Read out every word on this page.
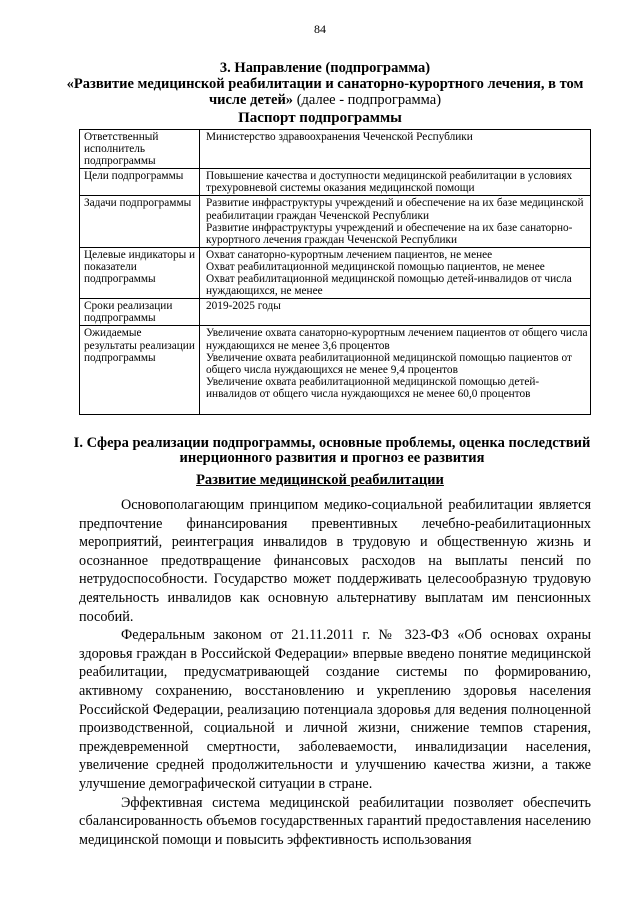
84
3. Направление (подпрограмма)
«Развитие медицинской реабилитации и санаторно-курортного лечения, в том числе детей» (далее - подпрограмма)
Паспорт подпрограммы
Ответственный исполнитель подпрограммы	Министерство здравоохранения Чеченской Республики

Цели подпрограммы	Повышение качества и доступности медицинской реабилитации в условиях трехуровневой системы оказания медицинской помощи

Задачи подпрограммы	Развитие инфраструктуры учреждений и обеспечение на их базе медицинской реабилитации граждан Чеченской Республики
Развитие инфраструктуры учреждений и обеспечение на их базе санаторно-курортного лечения граждан Чеченской Республики

Целевые индикаторы и показатели подпрограммы	Охват санаторно-курортным лечением пациентов, не менее
Охват реабилитационной медицинской помощью пациентов, не менее
Охват реабилитационной медицинской помощью детей-инвалидов от числа нуждающихся, не менее

Сроки реализации подпрограммы	2019-2025 годы

Ожидаемые результаты реализации подпрограммы	Увеличение охвата санаторно-курортным лечением пациентов от общего числа нуждающихся не менее 3,6 процентов
Увеличение охвата реабилитационной медицинской помощью пациентов от общего числа нуждающихся не менее 9,4 процентов
Увеличение охвата реабилитационной медицинской помощью детей-инвалидов от общего числа нуждающихся не менее 60,0 процентов
I. Сфера реализации подпрограммы, основные проблемы, оценка последствий инерционного развития и прогноз ее развития
Развитие медицинской реабилитации

Основополагающим принципом медико-социальной реабилитации является предпочтение финансирования превентивных лечебно-реабилитационных мероприятий, реинтеграция инвалидов в трудовую и общественную жизнь и осознанное предотвращение финансовых расходов на выплаты пенсий по нетрудоспособности. Государство может поддерживать целесообразную трудовую деятельность инвалидов как основную альтернативу выплатам им пенсионных пособий.

Федеральным законом от 21.11.2011 г. № 323-ФЗ «Об основах охраны здоровья граждан в Российской Федерации» впервые введено понятие медицинской реабилитации, предусматривающей создание системы по формированию, активному сохранению, восстановлению и укреплению здоровья населения Российской Федерации, реализацию потенциала здоровья для ведения полноценной производственной, социальной и личной жизни, снижение темпов старения, преждевременной смертности, заболеваемости, инвалидизации населения, увеличение средней продолжительности и улучшению качества жизни, а также улучшение демографической ситуации в стране.

Эффективная система медицинской реабилитации позволяет обеспечить сбалансированность объемов государственных гарантий предоставления населению медицинской помощи и повысить эффективность использования
